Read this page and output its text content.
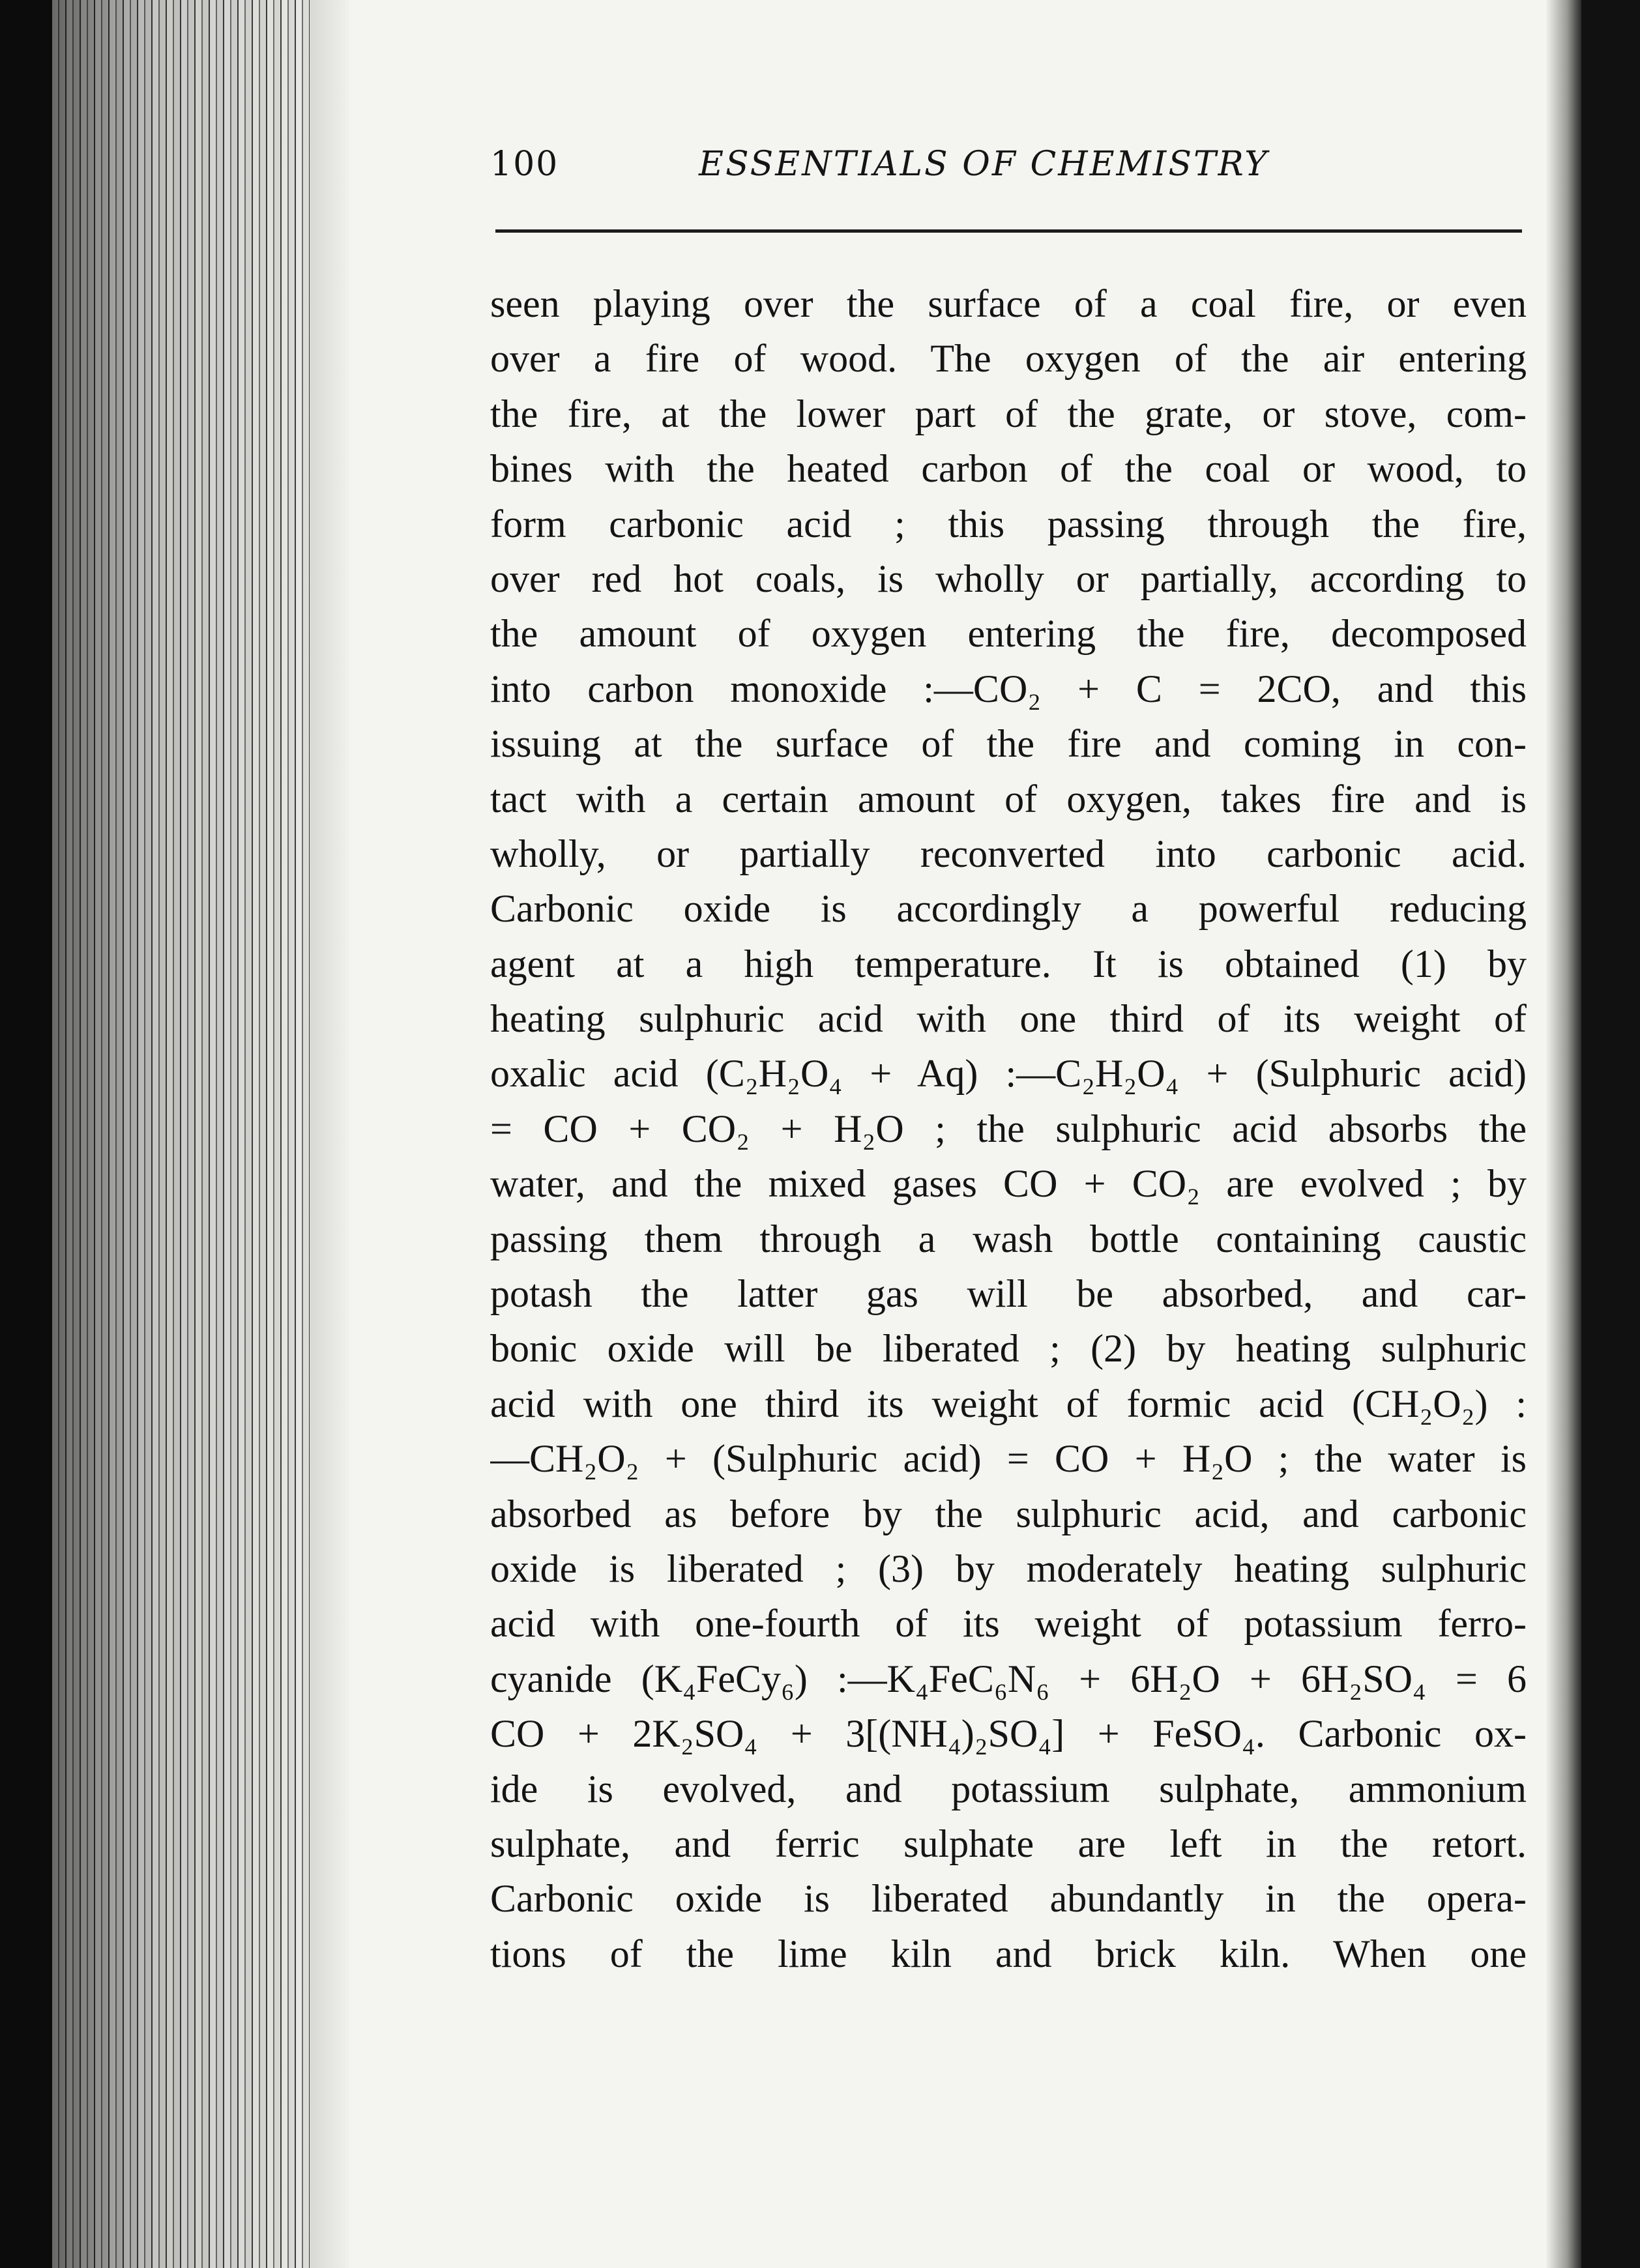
100	ESSENTIALS OF CHEMISTRY
seen playing over the surface of a coal fire, or even
over a fire of wood. The oxygen of the air entering
the fire, at the lower part of the grate, or stove, com-
bines with the heated carbon of the coal or wood, to
form carbonic acid ; this passing through the fire,
over red hot coals, is wholly or partially, according to
the amount of oxygen entering the fire, decomposed
into carbon monoxide :—CO₂ + C = 2CO, and this
issuing at the surface of the fire and coming in con-
tact with a certain amount of oxygen, takes fire and is
wholly, or partially reconverted into carbonic acid.
Carbonic oxide is accordingly a powerful reducing
agent at a high temperature. It is obtained (1) by
heating sulphuric acid with one third of its weight of
oxalic acid (C₂H₂O₄ + Aq) :—C₂H₂O₄ + (Sulphuric acid)
= CO + CO₂ + H₂O ; the sulphuric acid absorbs the
water, and the mixed gases CO + CO₂ are evolved ; by
passing them through a wash bottle containing caustic
potash the latter gas will be absorbed, and car-
bonic oxide will be liberated ; (2) by heating sulphuric
acid with one third its weight of formic acid (CH₂O₂) :
—CH₂O₂ + (Sulphuric acid) = CO + H₂O ; the water is
absorbed as before by the sulphuric acid, and carbonic
oxide is liberated ; (3) by moderately heating sulphuric
acid with one-fourth of its weight of potassium ferro-
cyanide (K₄FeCy₆) :—K₄FeC₆N₆ + 6H₂O + 6H₂SO₄ = 6
CO + 2K₂SO₄ + 3[(NH₄)₂SO₄] + FeSO₄. Carbonic ox-
ide is evolved, and potassium sulphate, ammonium
sulphate, and ferric sulphate are left in the retort.
Carbonic oxide is liberated abundantly in the opera-
tions of the lime kiln and brick kiln. When one
